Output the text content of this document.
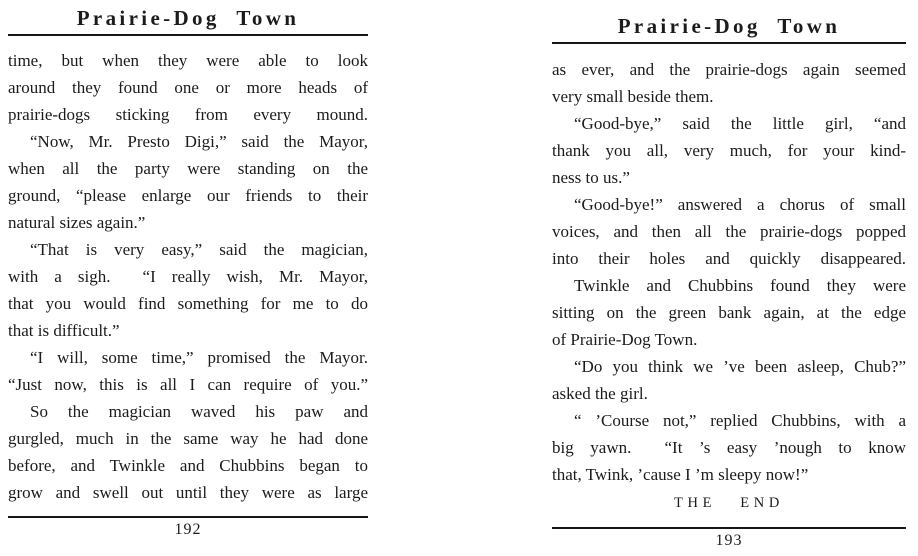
Prairie-Dog Town
time, but when they were able to look
around they found one or more heads of
prairie-dogs sticking from every mound.
“Now, Mr. Presto Digi,” said the Mayor,
when all the party were standing on the
ground, “please enlarge our friends to their
natural sizes again.”
“That is very easy,” said the magician,
with a sigh.  “I really wish, Mr. Mayor,
that you would find something for me to do
that is difficult.”
“I will, some time,” promised the Mayor.
“Just now, this is all I can require of you.”
So the magician waved his paw and
gurgled, much in the same way he had done
before, and Twinkle and Chubbins began to
grow and swell out until they were as large
192
Prairie-Dog Town
as ever, and the prairie-dogs again seemed
very small beside them.
“Good-bye,” said the little girl, “and
thank you all, very much, for your kind-
ness to us.”
“Good-bye!” answered a chorus of small
voices, and then all the prairie-dogs popped
into their holes and quickly disappeared.
Twinkle and Chubbins found they were
sitting on the green bank again, at the edge
of Prairie-Dog Town.
“Do you think we ’ve been asleep, Chub?”
asked the girl.
“ ’Course not,” replied Chubbins, with a
big yawn.  “It ’s easy ’nough to know
that, Twink, ’cause I ’m sleepy now!”
THE END
193
